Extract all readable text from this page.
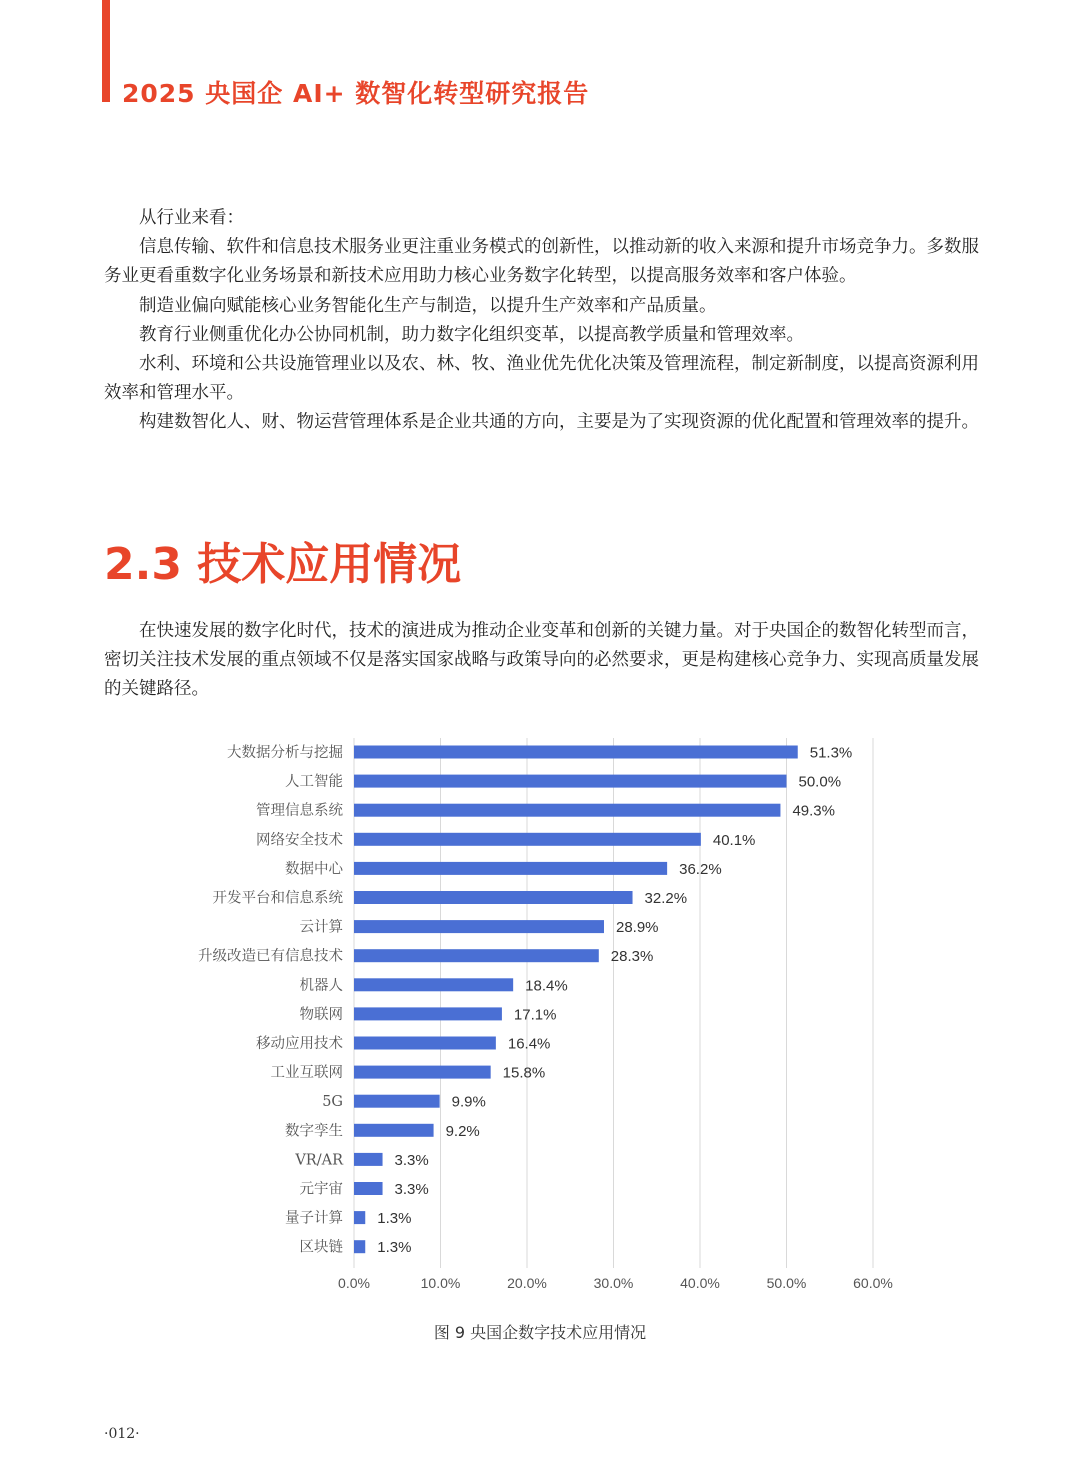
2025 央国企 AI+ 数智化转型研究报告

从行业来看：

信息传输、软件和信息技术服务业更注重业务模式的创新性，以推动新的收入来源和提升市场竞争力。多数服务业更看重数字化业务场景和新技术应用助力核心业务数字化转型，以提高服务效率和客户体验。

制造业偏向赋能核心业务智能化生产与制造，以提升生产效率和产品质量。

教育行业侧重优化办公协同机制，助力数字化组织变革，以提高教学质量和管理效率。

水利、环境和公共设施管理业以及农、林、牧、渔业优先优化决策及管理流程，制定新制度，以提高资源利用效率和管理水平。

构建数智化人、财、物运营管理体系是企业共通的方向，主要是为了实现资源的优化配置和管理效率的提升。

2.3 技术应用情况

在快速发展的数字化时代，技术的演进成为推动企业变革和创新的关键力量。对于央国企的数智化转型而言，密切关注技术发展的重点领域不仅是落实国家战略与政策导向的必然要求，更是构建核心竞争力、实现高质量发展的关键路径。

0.0%	10.0%	20.0%	30.0%	40.0%	50.0%	60.0%
大数据分析与挖掘	51.3%
人工智能	50.0%
管理信息系统	49.3%
网络安全技术	40.1%
数据中心	36.2%
开发平台和信息系统	32.2%
云计算	28.9%
升级改造已有信息技术	28.3%
机器人	18.4%
物联网	17.1%
移动应用技术	16.4%
工业互联网	15.8%
5G	9.9%
数字孪生	9.2%
VR/AR	3.3%
元宇宙	3.3%
量子计算 1.3%
区块链 1.3%
图 9 央国企数字技术应用情况
·012·
